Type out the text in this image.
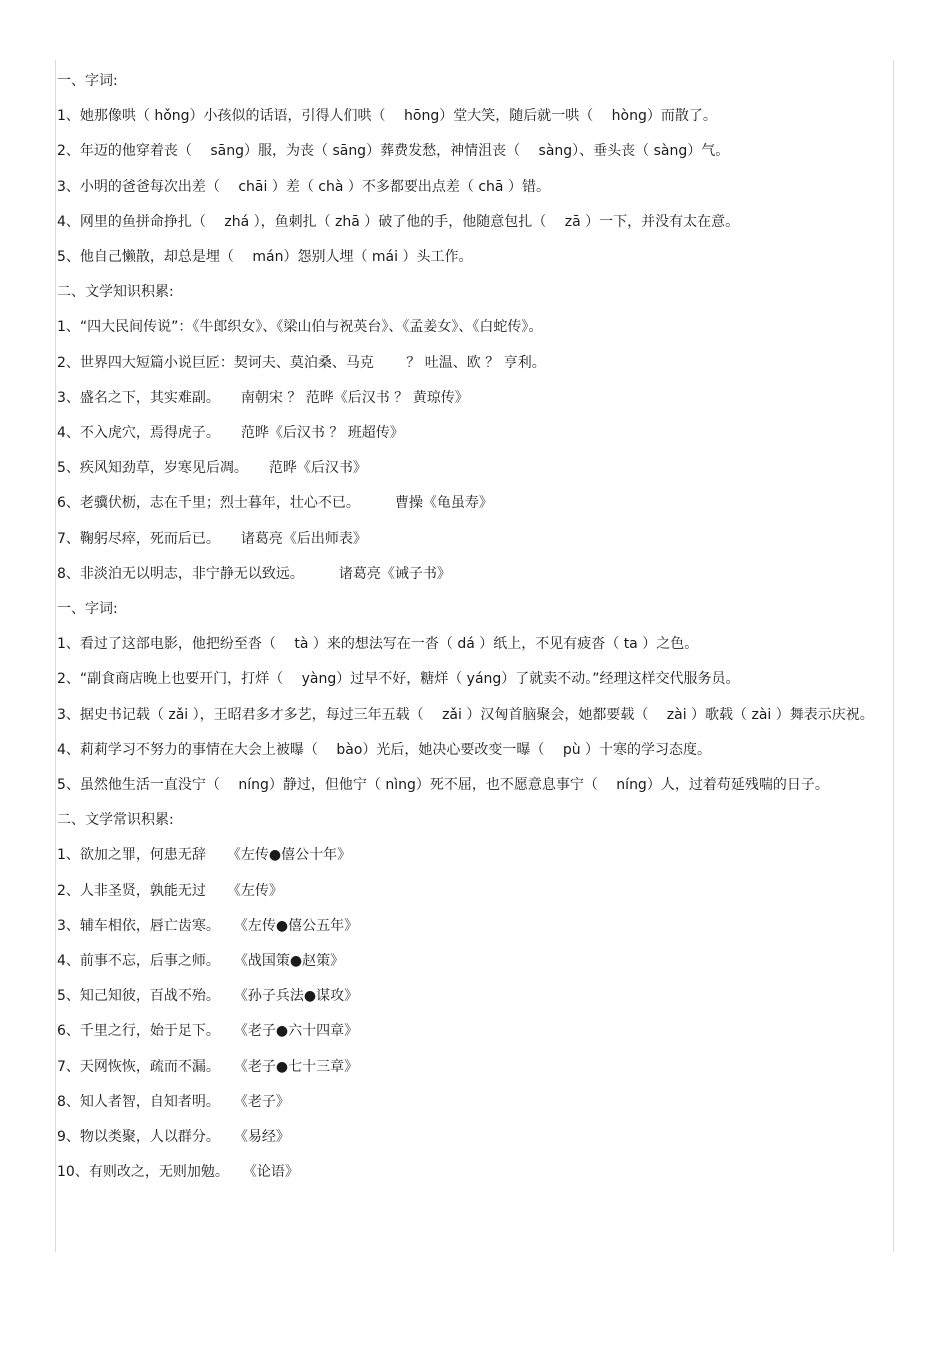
一、字词:
1、她那像哄（ hǒng）小孩似的话语，引得人们哄（　 hōng）堂大笑，随后就一哄（　 hòng）而散了。
2、年迈的他穿着丧（　 sāng）服，为丧（ sāng）葬费发愁，神情沮丧（　 sàng）、垂头丧（ sàng）气。
3、小明的爸爸每次出差（　 chāi ）差（ chà ）不多都要出点差（ chā ）错。
4、网里的鱼拼命挣扎（　 zhá ），鱼刺扎（ zhā ）破了他的手，他随意包扎（　 zā ）一下，并没有太在意。
5、他自己懒散，却总是埋（　 mán）怨别人埋（ mái ）头工作。
二、文学知识积累:
1、“四大民间传说”：《牛郎织女》、《梁山伯与祝英台》、《孟姜女》、《白蛇传》。
2、世界四大短篇小说巨匠：契诃夫、莫泊桑、马克　　 ？ 吐温、欧 ？ 亨利。
3、盛名之下，其实难副。　　南朝宋 ？ 范晔《后汉书 ？ 黄琼传》
4、不入虎穴，焉得虎子。　　范晔《后汉书 ？ 班超传》
5、疾风知劲草，岁寒见后凋。　　范晔《后汉书》
6、老骥伏枥，志在千里；烈士暮年，壮心不已。　　　曹操《龟虽寿》
7、鞠躬尽瘁，死而后已。　　诸葛亮《后出师表》
8、非淡泊无以明志，非宁静无以致远。　　　诸葛亮《诫子书》
一、字词:
1、看过了这部电影，他把纷至沓（　 tà ）来的想法写在一沓（ dá ）纸上，不见有疲沓（ ta ）之色。
2、“副食商店晚上也要开门，打烊（　 yàng）过早不好，糖烊（ yáng）了就卖不动。”经理这样交代服务员。
3、据史书记载（ zǎi ），王昭君多才多艺，每过三年五载（　 zǎi ）汉匈首脑聚会，她都要载（　 zài ）歌载（ zài ）舞表示庆祝。
4、莉莉学习不努力的事情在大会上被曝（　 bào）光后，她决心要改变一曝（　 pù ）十寒的学习态度。
5、虽然他生活一直没宁（　 níng）静过，但他宁（ nìng）死不屈，也不愿意息事宁（　 níng）人，过着苟延残喘的日子。
二、文学常识积累:
1、欲加之罪，何患无辞　　《左传●僖公十年》
2、人非圣贤，孰能无过　　《左传》
3、辅车相依，唇亡齿寒。　　《左传●僖公五年》
4、前事不忘，后事之师。　　《战国策●赵策》
5、知己知彼，百战不殆。　　《孙子兵法●谋攻》
6、千里之行，始于足下。　　《老子●六十四章》
7、天网恢恢，疏而不漏。　　《老子●七十三章》
8、知人者智，自知者明。　　《老子》
9、物以类聚，人以群分。　　《易经》
10、有则改之，无则加勉。　　《论语》
